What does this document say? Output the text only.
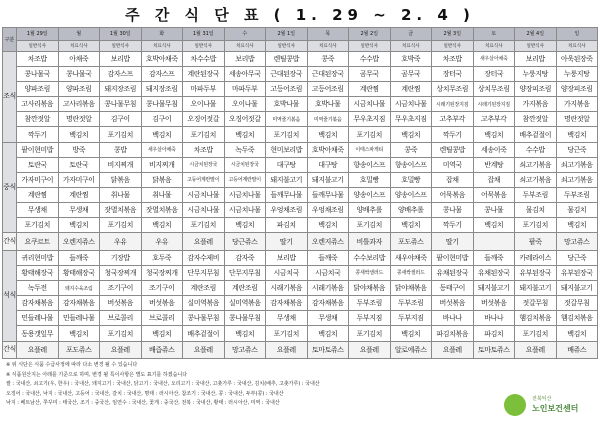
주 간 식 단 표 ( 1. 29 ~ 2. 4 )
구분	1월 29일	월	1월 30일	화	1월 31일	수	2월 1일	목	2월 2일	금	2월 3일	토	2월 4일	일
	일반식사	치료식사	일반식사	치료식사	일반식사	치료식사	일반식사	치료식사	일반식사	치료식사	일반식사	치료식사	일반식사	치료식사
조식	차조밥	아채죽	보리밥	호박아채죽	차수수밥	보리밥	렌틸콩밥	콩죽	수수밥	호박죽	차조밥	새우살아채죽	보리밥	아욱된장죽
	콩나물국	콩나물국	감자스프	감자스프	계란된장국	세송아무국	근대된장국	근대된장국	곰무국	곰무국	장터국	장터국	누룽지탕	누룽지탕
	양파조림	양파조림	돼지장조림	돼지장조림	마파두부	마파두부	고등어조림	고등어조림	계란찜	계란찜	상치무조림	상치무조림	양장피조림	양장피조림
	고사리볶음	고사리볶음	콩나물무침	콩나물무침	오이나물	오이나물	호박나물	호박나물	시금치나물	시금치나물	시래기된장지짐	시래기된장지짐	가지볶음	가지볶음
	참깐젓알	명란젓알	김구이	김구이	오징어젓갈	오징어젓갈	미역줄기볶음	미역줄기볶음	무우초지짐	무우초지짐	고추부각	고추부각	참깐젓알	명란젓알
	깍두기	백김치	포기김치	백김치	포기김치	백김치	포기김치	백김치	포기김치	백김치	깍두기	백김치	배추겉절이	백김치
중식	팥이현미밥	방죽	콩밥	새우살아채죽	차조밥	녹두죽	현미보리밥	호박아채죽	이태스파게티	콩죽	렌틸콩밥	세송이죽	수수밥	당근죽
	토란국	토란국	비지찌개	비지찌개	시금치된장국	시금치된장국	대구탕	대구탕	향송이스프	향송이스프	미역국	반계탕	쇠고기볶음	쇠고기볶음
	가자미구이	가자미구이	닭볶음	닭볶음	고등어계란말이	고등어계란말이	돼지불고기	돼지불고기	호밀빵	호밀빵	잡채	잡채	쇠고기볶음	쇠고기볶음
	계란찜	계란찜	취나물	취나물	시금치나물	시금치나물	들깨무나물	들깨무나물	양송이스프	양송이스프	어묵볶음	어묵볶음	두부조림	두부조림
	무생채	무생채	잣멸치볶음	잣멸치볶음	시금치나물	시금치나물	우엉채조림	우엉채조림	양배추롤	양배추롤	콩나물	콩나물	물김치	물김치
	포기김치	백김치	포기김치	백김치	포기김치	백김치	파김치	백김치	포기김치	백김치	깍두기	백김치	포기김치	백김치
간식	요쿠르트	오렌지쥬스	우유	우유	요플레	당근쥬스	딸기	오렌지쥬스	비틀과자	포도쥬스	딸기		팥죽	망고쥬스
석식	귀리현미밥	들깨죽	기장밥	호두죽	감자수제비	감자죽	보리밥	들깨죽	수수보리밥	새우야채죽	팥이현미밥	들깨죽	카레라이스	당근죽
	황태해장국	황태해장국	청국장찌개	청국장찌개	단무지무침	단무지무침	시금치국	시금치국	콩새싹샐러드	콩새싹샐러드	유채된장국	유채된장국	유부된장국	유부된장국
	녹두전	돼지수육조림	조기구이	조기구이	계란조림	계란조림	시래기볶음	시래기볶음	닭야채볶음	닭야채볶음	동태구이	돼지불고기	돼지불고기	돼지불고기
	감자채볶음	감자채볶음	버섯볶음	버섯볶음	실미역볶음	실미역볶음	감자채볶음	감자채볶음	두부조림	두부조림	버섯볶음	버섯볶음	젓갈무침	젓갈무침
	민들레나물	민들레나물	브로콜리	브로콜리	콩나물무침	콩나물무침	무생채	무생채	두부지짐	두부지짐	바나나	바나나	햄김치볶음	햄김치볶음
	동용갯잎무	백김치	포기김치	백김치	배추겉절이	백김치	포기김치	백김치	포기김치	백김치	파김치볶음	파김치	포기김치	백김치
간식	요플레	포도쥬스	요플레	배즙쥬스	요플레	망고쥬스	요플레	토마토쥬스	요플레	알로에쥬스	요플레	토마토쥬스	요플레	배쥬스
※ 위 식단은 식품 수급사정에 따라 다소 변경 될 수 있습니다
※ 식품원산지는 아래를 기준으로 하며, 변경 될 특이사항은 별도 표기를 하겠습니다
쌀 : 국내산, 쇠고기(우, 한우) : 국내산, 돼지고기 : 국내산, 닭고기 : 국내산, 오리고기 : 국내산, 고춧가루 : 국내산, 김치(배추, 고춧가루) : 국내산
오징어 : 국내산, 낙지 : 국내산, 고등어 : 국내산, 갈치 : 국내산, 명태 : 러시아산, 참조기 : 국내산, 콩 : 국내산, 두부(콩) : 국내산
낙지 : 베트남산, 쭈꾸미 : 태국산, 조기 : 중국산, 임연수 : 국내산, 꽃게 : 중국산, 전복 : 국내산, 황태 : 러시아산, 미역 : 국내산
전북익산
노인보건센터
